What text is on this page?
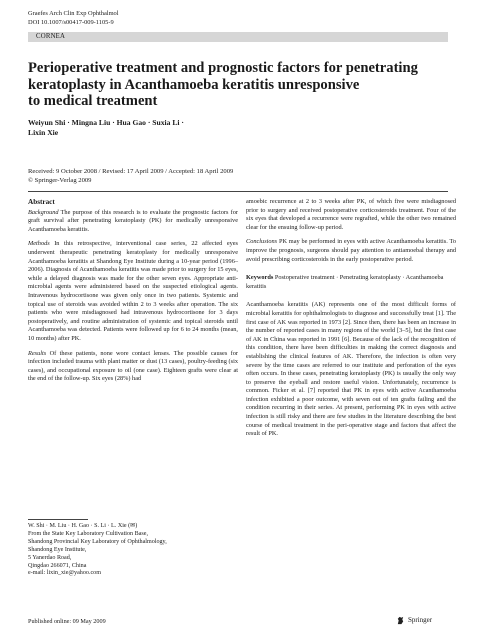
Graefes Arch Clin Exp Ophthalmol
DOI 10.1007/s00417-009-1105-9
CORNEA
Perioperative treatment and prognostic factors for penetrating
keratoplasty in Acanthamoeba keratitis unresponsive
to medical treatment
Weiyun Shi · Mingna Liu · Hua Gao · Suxia Li ·
Lixin Xie
Received: 9 October 2008 / Revised: 17 April 2009 / Accepted: 18 April 2009
© Springer-Verlag 2009
Abstract

Background The purpose of this research is to evaluate the prognostic factors for graft survival after penetrating keratoplasty (PK) for medically unresponsive Acanthamoeba keratitis.

Methods In this retrospective, interventional case series, 22 affected eyes underwent therapeutic penetrating keratoplasty for medically unresponsive Acanthamoeba keratitis at Shandong Eye Institute during a 10-year period (1996–2006). Diagnosis of Acanthamoeba keratitis was made prior to surgery for 15 eyes, while a delayed diagnosis was made for the other seven eyes. Appropriate anti-microbial agents were administered based on the suspected etiological agents. Intravenous hydrocortisone was given only once in two patients. Systemic and topical use of steroids was avoided within 2 to 3 weeks after operation. The six patients who were misdiagnosed had intravenous hydrocortisone for 3 days postoperatively, and routine administration of systemic and topical steroids until Acanthamoeba was detected. Patients were followed up for 6 to 24 months (mean, 10 months) after PK.

Results Of these patients, none wore contact lenses. The possible causes for infection included trauma with plant matter or dust (13 cases), poultry-feeding (six cases), and occupational exposure to oil (one case). Eighteen grafts were clear at the end of the follow-up. Six eyes (28%) had

W. Shi · M. Liu · H. Gao · S. Li · L. Xie (✉)
From the State Key Laboratory Cultivation Base,
Shandong Provincial Key Laboratory of Ophthalmology,
Shandong Eye Institute,
5 Yanerdao Road,
Qingdao 266071, China
e-mail: lixin_xie@yahoo.com

amoebic recurrence at 2 to 3 weeks after PK, of which five were misdiagnosed prior to surgery and received postoperative corticosteroids treatment. Four of the six eyes that developed a recurrence were regrafted, while the other two remained clear for the ensuing follow-up period.

Conclusions PK may be performed in eyes with active Acanthamoeba keratitis. To improve the prognosis, surgeons should pay attention to antiamoebal therapy and avoid prescribing corticosteroids in the early postoperative period.

Keywords Postoperative treatment · Penetrating keratoplasty · Acanthamoeba keratitis

Acanthamoeba keratitis (AK) represents one of the most difficult forms of microbial keratitis for ophthalmologists to diagnose and successfully treat [1]. The first case of AK was reported in 1973 [2]. Since then, there has been an increase in the number of reported cases in many regions of the world [3–5], but the first case of AK in China was reported in 1991 [6]. Because of the lack of the recognition of this condition, there have been difficulties in making the correct diagnosis and establishing the clinical features of AK. Therefore, the infection is often very severe by the time cases are referred to our institute and perforation of the eyes often occurs. In these cases, penetrating keratoplasty (PK) is usually the only way to preserve the eyeball and restore useful vision. Unfortunately, recurrence is common. Ficker et al. [7] reported that PK in eyes with active Acanthamoeba infection exhibited a poor outcome, with seven out of ten grafts failing and the condition recurring in their series. At present, performing PK in eyes with active infection is still risky and there are few studies in the literature describing the best course of medical treatment in the peri-operative stage and factors that affect the result of PK.

Published online: 09 May 2009	Springer
